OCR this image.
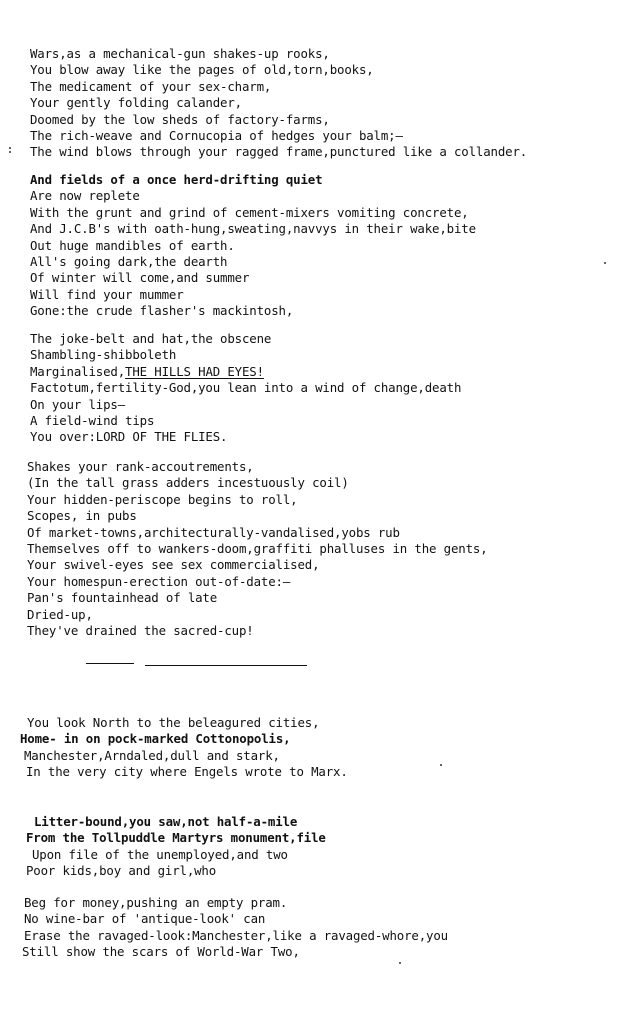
Wars,as a mechanical-gun shakes-up rooks,
You blow away like the pages of old,torn,books,
The medicament of your sex-charm,
Your gently folding calander,
Doomed by the low sheds of factory-farms,
The rich-weave and Cornucopia of hedges your balm;—
The wind blows through your ragged frame,punctured like a collander.
And fields of a once herd-drifting quiet
Are now replete
With the grunt and grind of cement-mixers vomiting concrete,
And J.C.B's with oath-hung,sweating,navvys in their wake,bite
Out huge mandibles of earth.
All's going dark,the dearth
Of winter will come,and summer
Will find your mummer
Gone:the crude flasher's mackintosh,
The joke-belt and hat,the obscene
Shambling-shibboleth
Marginalised,THE HILLS HAD EYES!
Factotum,fertility-God,you lean into a wind of change,death
On your lips—
A field-wind tips
You over:LORD OF THE FLIES.
Shakes your rank-accoutrements,
(In the tall grass adders incestuously coil)
Your hidden-periscope begins to roll,
Scopes, in pubs
Of market-towns,architecturally-vandalised,yobs rub
Themselves off to wankers-doom,graffiti phalluses in the gents,
Your swivel-eyes see sex commercialised,
Your homespun-erection out-of-date:—
Pan's fountainhead of late
Dried-up,
They've drained the sacred-cup!
You look North to the beleagured cities,
Home- in on pock-marked Cottonopolis,
Manchester,Arndaled,dull and stark,
In the very city where Engels wrote to Marx.
Litter-bound,you saw,not half-a-mile
From the Tollpuddle Martyrs monument,file
Upon file of the unemployed,and two
Poor kids,boy and girl,who
Beg for money,pushing an empty pram.
No wine-bar of 'antique-look' can
Erase the ravaged-look:Manchester,like a ravaged-whore,you
Still show the scars of World-War Two,
